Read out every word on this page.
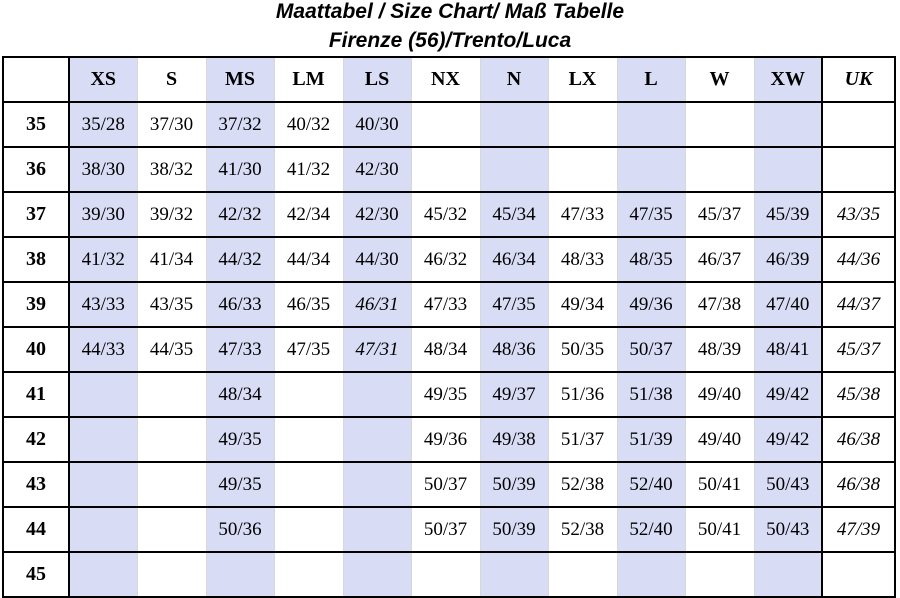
Maattabel / Size Chart/ Maß Tabelle
Firenze (56)/Trento/Luca
	XS	S	MS	LM	LS	NX	N	LX	L	W	XW	UK
35	35/28	37/30	37/32	40/32	40/30							
36	38/30	38/32	41/30	41/32	42/30							
37	39/30	39/32	42/32	42/34	42/30	45/32	45/34	47/33	47/35	45/37	45/39	43/35
38	41/32	41/34	44/32	44/34	44/30	46/32	46/34	48/33	48/35	46/37	46/39	44/36
39	43/33	43/35	46/33	46/35	46/31	47/33	47/35	49/34	49/36	47/38	47/40	44/37
40	44/33	44/35	47/33	47/35	47/31	48/34	48/36	50/35	50/37	48/39	48/41	45/37
41			48/34			49/35	49/37	51/36	51/38	49/40	49/42	45/38
42			49/35			49/36	49/38	51/37	51/39	49/40	49/42	46/38
43			49/35			50/37	50/39	52/38	52/40	50/41	50/43	46/38
44			50/36			50/37	50/39	52/38	52/40	50/41	50/43	47/39
45												
